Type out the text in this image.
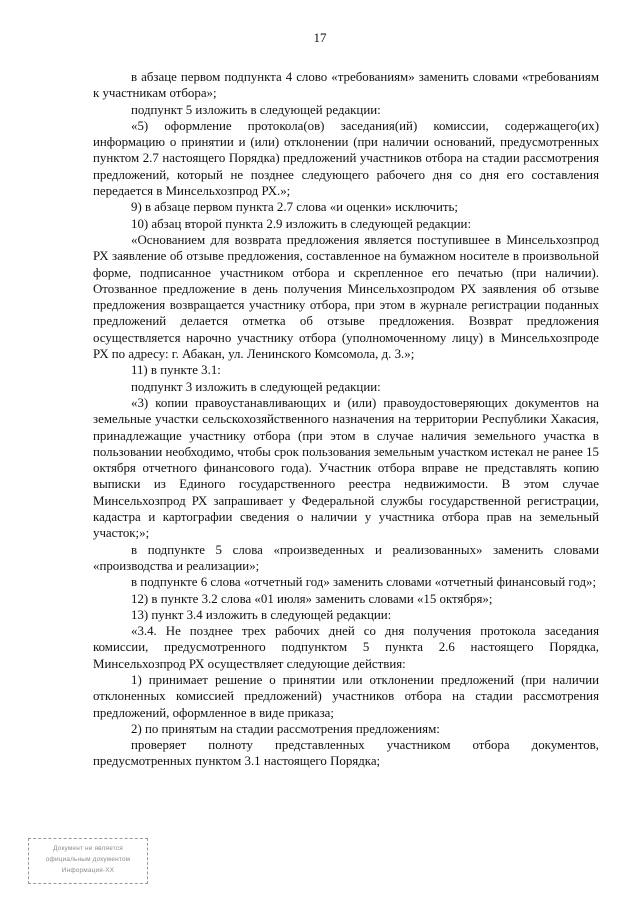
17

в абзаце первом подпункта 4 слово «требованиям» заменить словами «требованиям к участникам отбора»;

подпункт 5 изложить в следующей редакции:

«5) оформление протокола(ов) заседания(ий) комиссии, содержащего(их) информацию о принятии и (или) отклонении (при наличии оснований, предусмотренных пунктом 2.7 настоящего Порядка) предложений участников отбора на стадии рассмотрения предложений, который не позднее следующего рабочего дня со дня его составления передается в Минсельхозпрод РХ.»;

9) в абзаце первом пункта 2.7 слова «и оценки» исключить;

10) абзац второй пункта 2.9 изложить в следующей редакции:

«Основанием для возврата предложения является поступившее в Минсельхозпрод РХ заявление об отзыве предложения, составленное на бумажном носителе в произвольной форме, подписанное участником отбора и скрепленное его печатью (при наличии). Отозванное предложение в день получения Минсельхозпродом РХ заявления об отзыве предложения возвращается участнику отбора, при этом в журнале регистрации поданных предложений делается отметка об отзыве предложения. Возврат предложения осуществляется нарочно участнику отбора (уполномоченному лицу) в Минсельхозпроде РХ по адресу: г. Абакан, ул. Ленинского Комсомола, д. 3.»;

11) в пункте 3.1:

подпункт 3 изложить в следующей редакции:

«3) копии правоустанавливающих и (или) правоудостоверяющих документов на земельные участки сельскохозяйственного назначения на территории Республики Хакасия, принадлежащие участнику отбора (при этом в случае наличия земельного участка в пользовании необходимо, чтобы срок пользования земельным участком истекал не ранее 15 октября отчетного финансового года). Участник отбора вправе не представлять копию выписки из Единого государственного реестра недвижимости. В этом случае Минсельхозпрод РХ запрашивает у Федеральной службы государственной регистрации, кадастра и картографии сведения о наличии у участника отбора прав на земельный участок;»;

в подпункте 5 слова «произведенных и реализованных» заменить словами «производства и реализации»;

в подпункте 6 слова «отчетный год» заменить словами «отчетный финансовый год»;

12) в пункте 3.2 слова «01 июля» заменить словами «15 октября»;

13) пункт 3.4 изложить в следующей редакции:

«3.4. Не позднее трех рабочих дней со дня получения протокола заседания комиссии, предусмотренного подпунктом 5 пункта 2.6 настоящего Порядка, Минсельхозпрод РХ осуществляет следующие действия:

1) принимает решение о принятии или отклонении предложений (при наличии отклоненных комиссией предложений) участников отбора на стадии рассмотрения предложений, оформленное в виде приказа;

2) по принятым на стадии рассмотрения предложениям:

проверяет полноту представленных участником отбора документов, предусмотренных пунктом 3.1 настоящего Порядка;

Документ не является
официальным документом
Информация-ХХ
